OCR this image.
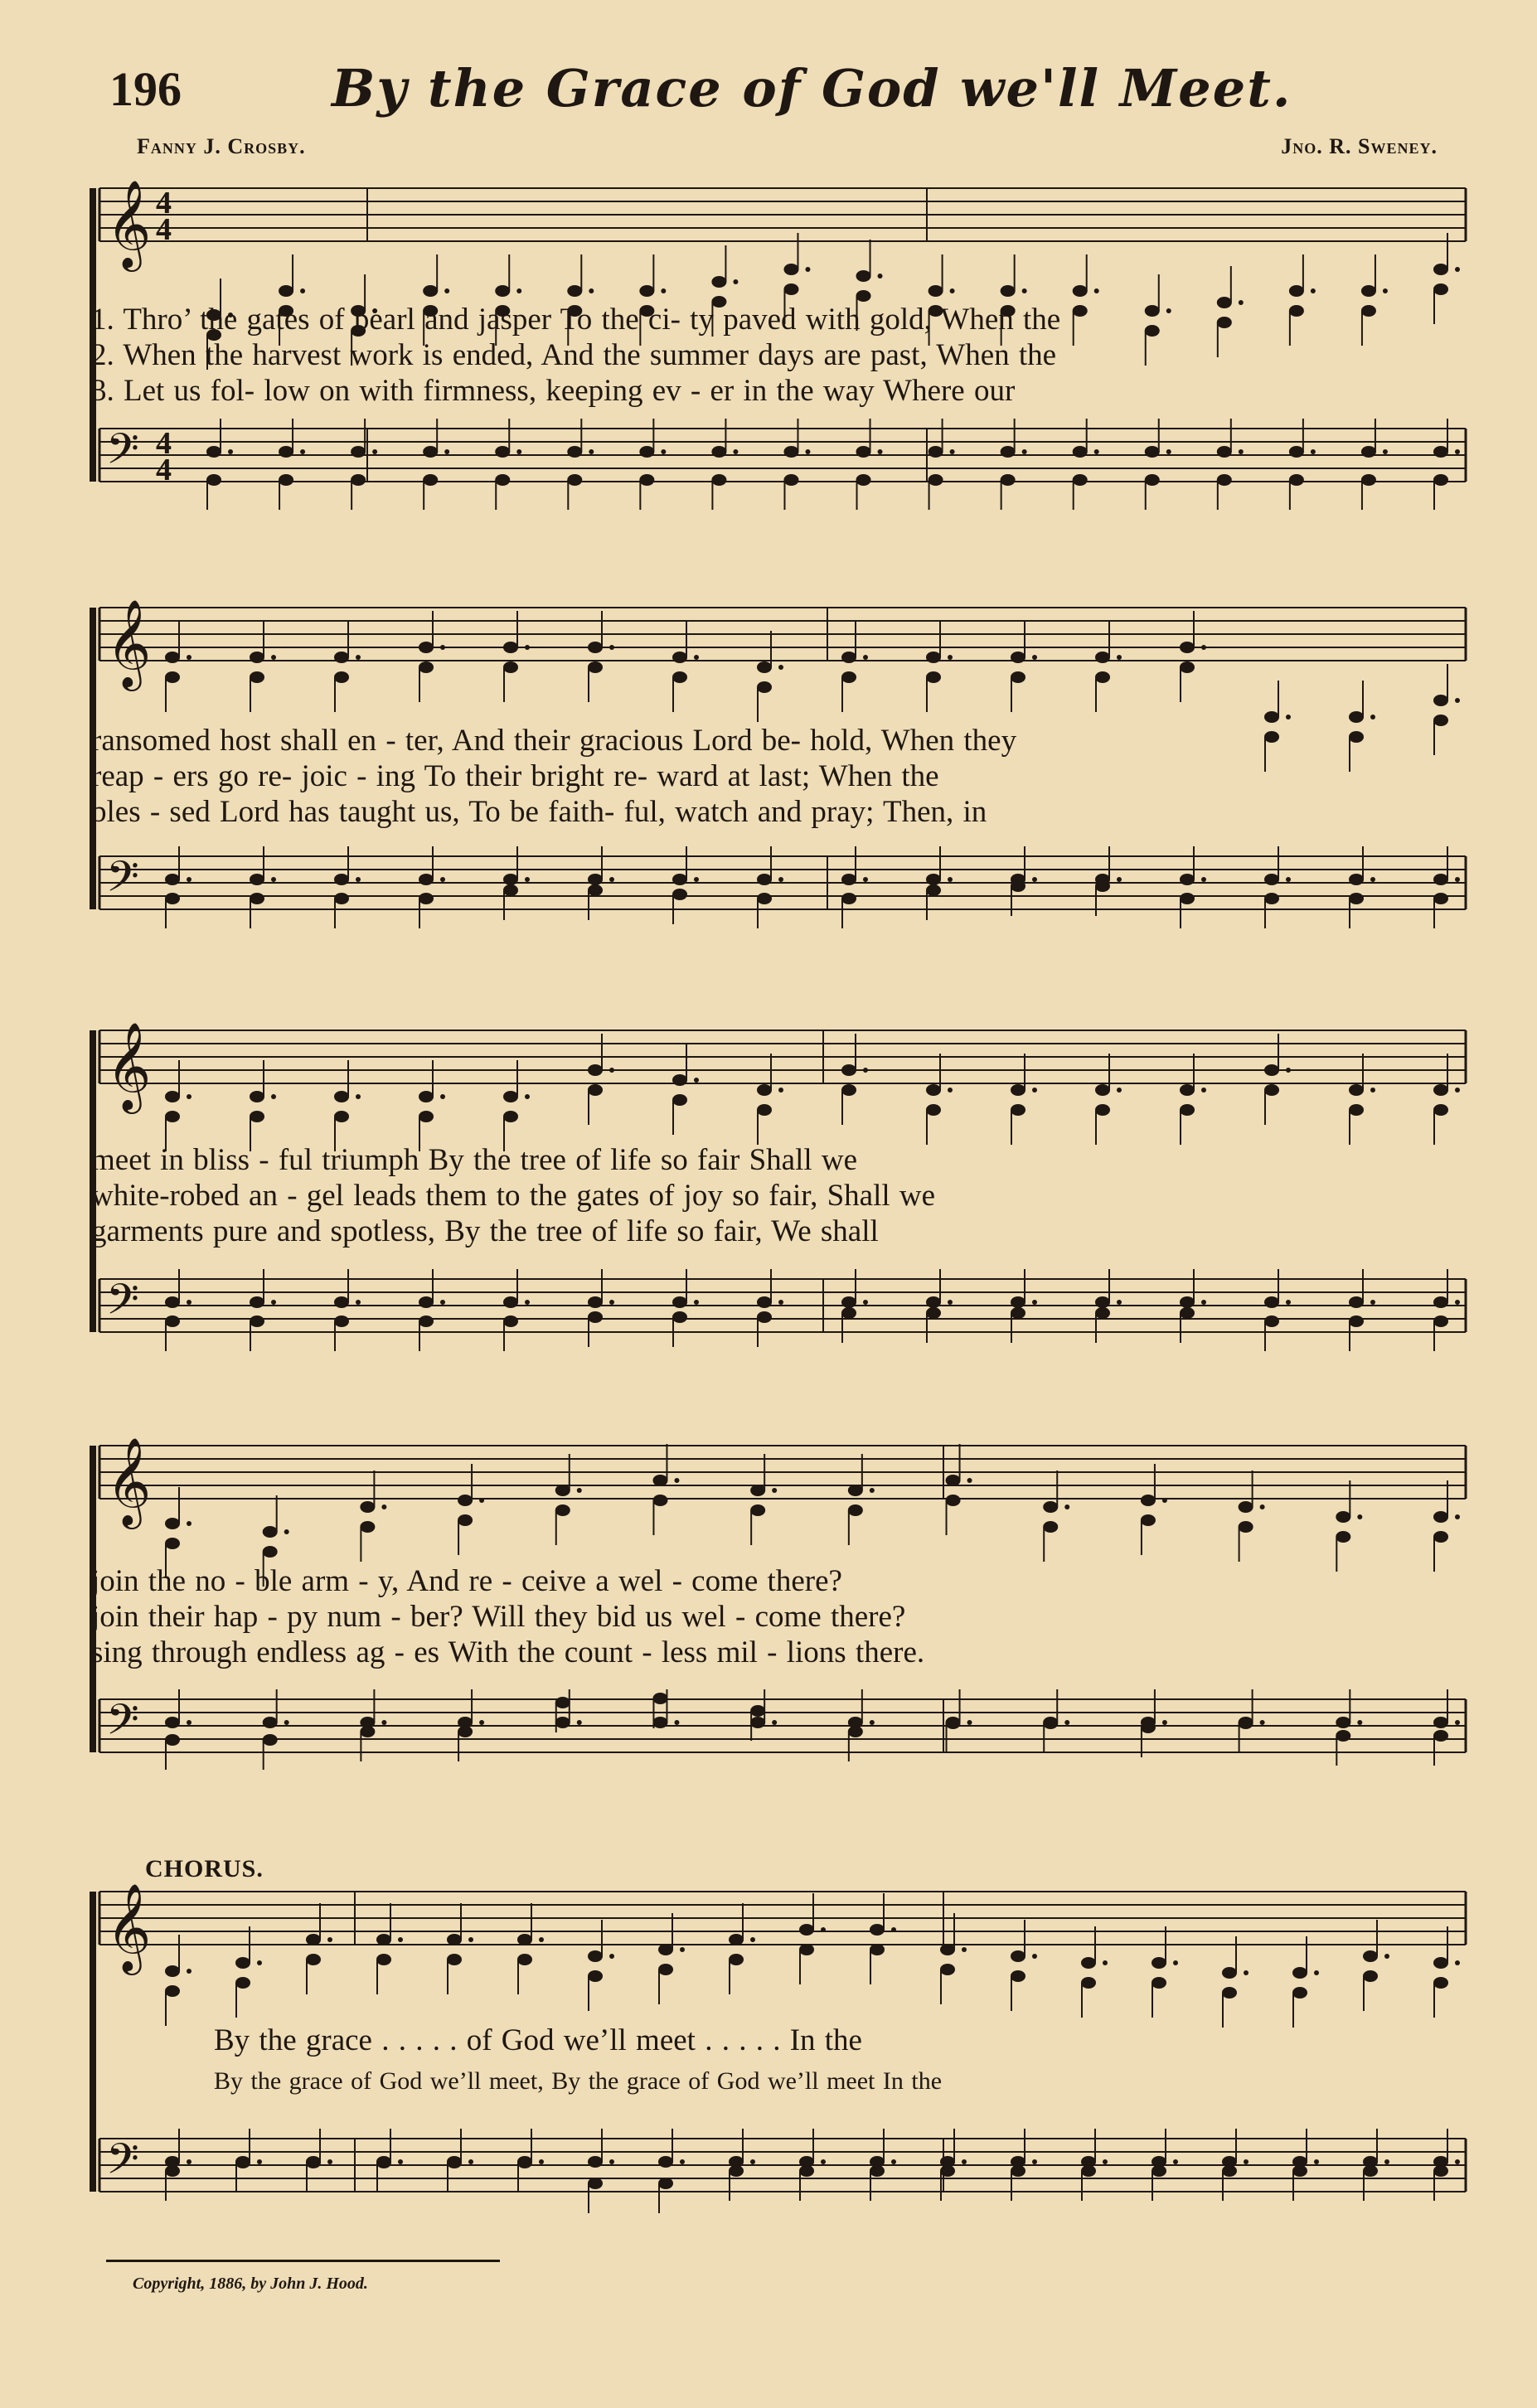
196	By the Grace of God we'll Meet.
Fanny J. Crosby.	Jno. R. Sweney.
𝄞 4
4
𝄢 4
4
1. Thro’ the gates of pearl and jasper To the ci- ty paved with gold, When the
2. When the harvest work is ended, And the summer days are past, When the
3. Let us fol- low on with firmness, keeping ev - er in the way Where our
𝄞
𝄢
ransomed host shall en - ter, And their gracious Lord be- hold, When they
reap - ers go re- joic - ing To their bright re- ward at last; When the
bles - sed Lord has taught us, To be faith- ful, watch and pray; Then, in
𝄞
𝄢
meet in bliss - ful triumph By the tree of life so fair Shall we
white-robed an - gel leads them to the gates of joy so fair, Shall we
garments pure and spotless, By the tree of life so fair, We shall
𝄞
𝄢
join the no - ble arm - y, And re - ceive a wel - come there?
join their hap - py num - ber? Will they bid us wel - come there?
sing through endless ag - es With the count - less mil - lions there.
CHORUS.
𝄞
𝄢
By the grace . . . . . of God we’ll meet . . . . . In the
By the grace of God we’ll meet, By the grace of God we’ll meet In the
Copyright, 1886, by John J. Hood.
